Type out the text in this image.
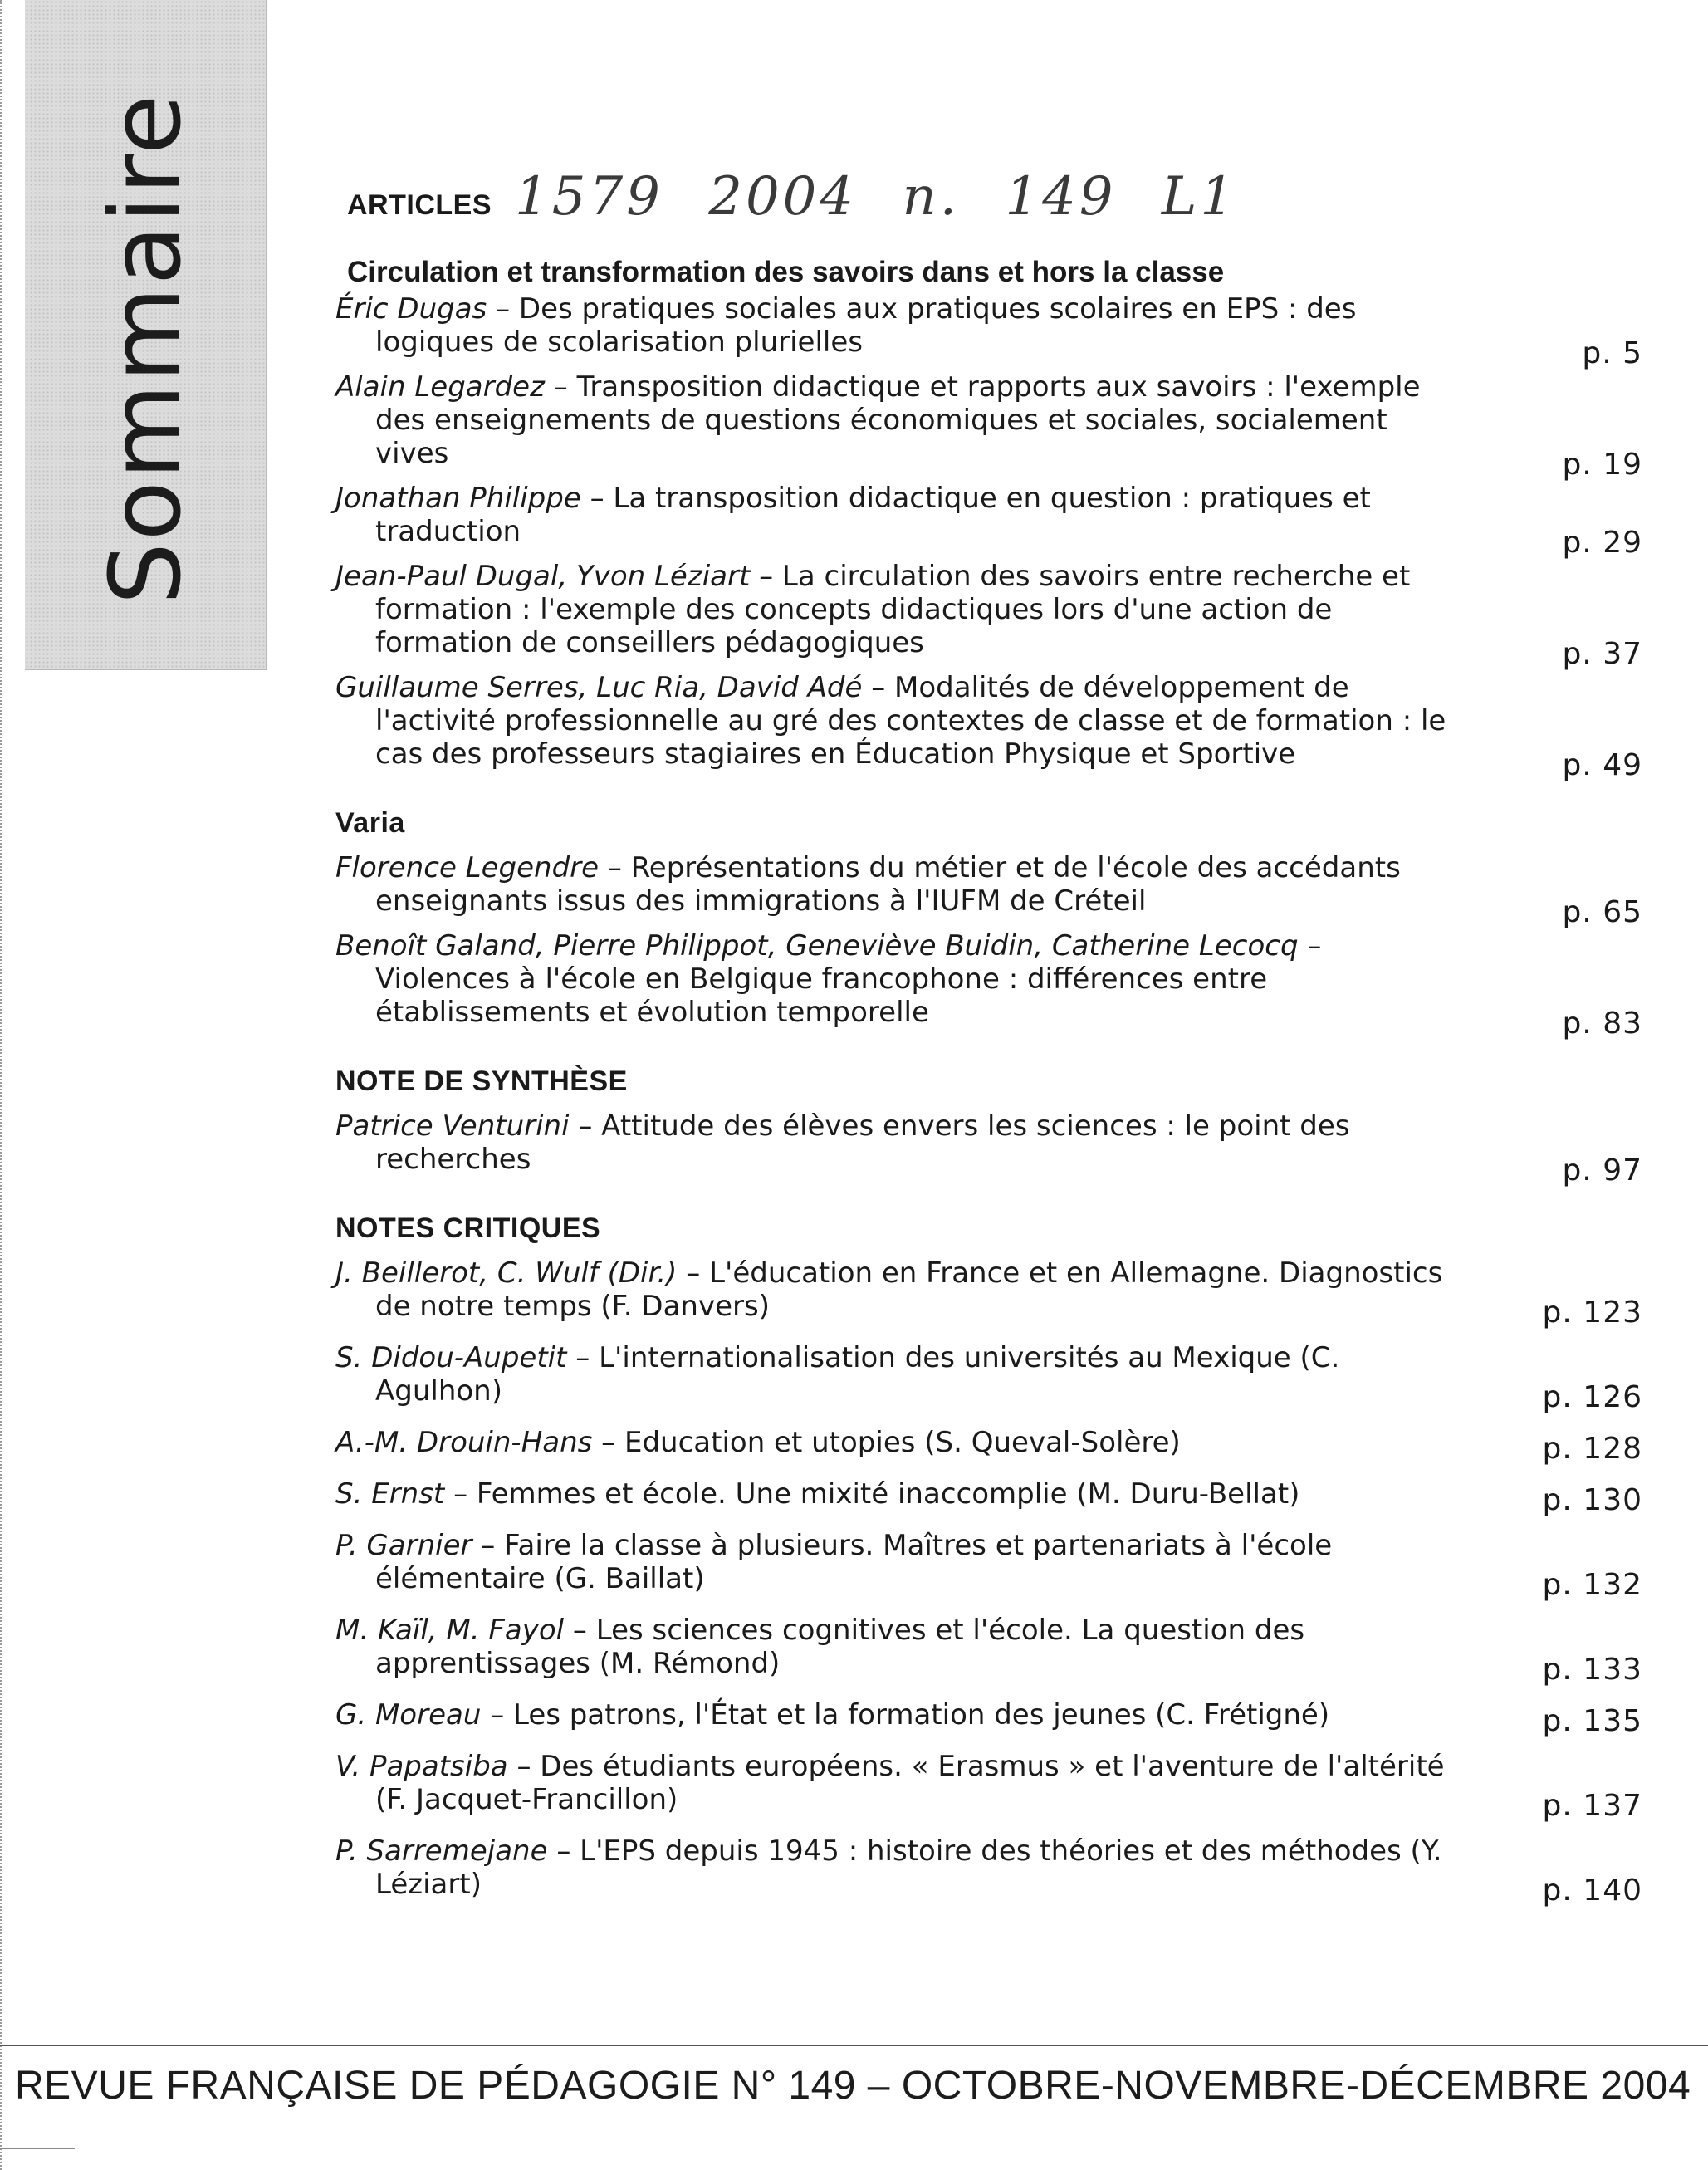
Sommaire	ARTICLES 1579 2004 n. 149 L1
Circulation et transformation des savoirs dans et hors la classe
Éric Dugas – Des pratiques sociales aux pratiques scolaires en EPS : des logiques de scolarisation plurielles	p. 5
Alain Legardez – Transposition didactique et rapports aux savoirs : l'exemple des enseignements de questions économiques et sociales, socialement vives	p. 19
Jonathan Philippe – La transposition didactique en question : pratiques et traduction	p. 29
Jean-Paul Dugal, Yvon Léziart – La circulation des savoirs entre recherche et formation : l'exemple des concepts didactiques lors d'une action de formation de conseillers pédagogiques	p. 37
Guillaume Serres, Luc Ria, David Adé – Modalités de développement de l'activité professionnelle au gré des contextes de classe et de formation : le cas des professeurs stagiaires en Éducation Physique et Sportive	p. 49
Varia
Florence Legendre – Représentations du métier et de l'école des accédants enseignants issus des immigrations à l'IUFM de Créteil	p. 65
Benoît Galand, Pierre Philippot, Geneviève Buidin, Catherine Lecocq – Violences à l'école en Belgique francophone : différences entre établissements et évolution temporelle	p. 83
NOTE DE SYNTHÈSE
Patrice Venturini – Attitude des élèves envers les sciences : le point des recherches	p. 97
NOTES CRITIQUES
J. Beillerot, C. Wulf (Dir.) – L'éducation en France et en Allemagne. Diagnostics de notre temps (F. Danvers)	p. 123
S. Didou-Aupetit – L'internationalisation des universités au Mexique (C. Agulhon)	p. 126
A.-M. Drouin-Hans – Education et utopies (S. Queval-Solère)	p. 128
S. Ernst – Femmes et école. Une mixité inaccomplie (M. Duru-Bellat)	p. 130
P. Garnier – Faire la classe à plusieurs. Maîtres et partenariats à l'école élémentaire (G. Baillat)	p. 132
M. Kaïl, M. Fayol – Les sciences cognitives et l'école. La question des apprentissages (M. Rémond)	p. 133
G. Moreau – Les patrons, l'État et la formation des jeunes (C. Frétigné)	p. 135
V. Papatsiba – Des étudiants européens. « Erasmus » et l'aventure de l'altérité (F. Jacquet-Francillon)	p. 137
P. Sarremejane – L'EPS depuis 1945 : histoire des théories et des méthodes (Y. Léziart)	p. 140
REVUE FRANÇAISE DE PÉDAGOGIE N° 149 – OCTOBRE-NOVEMBRE-DÉCEMBRE 2004
